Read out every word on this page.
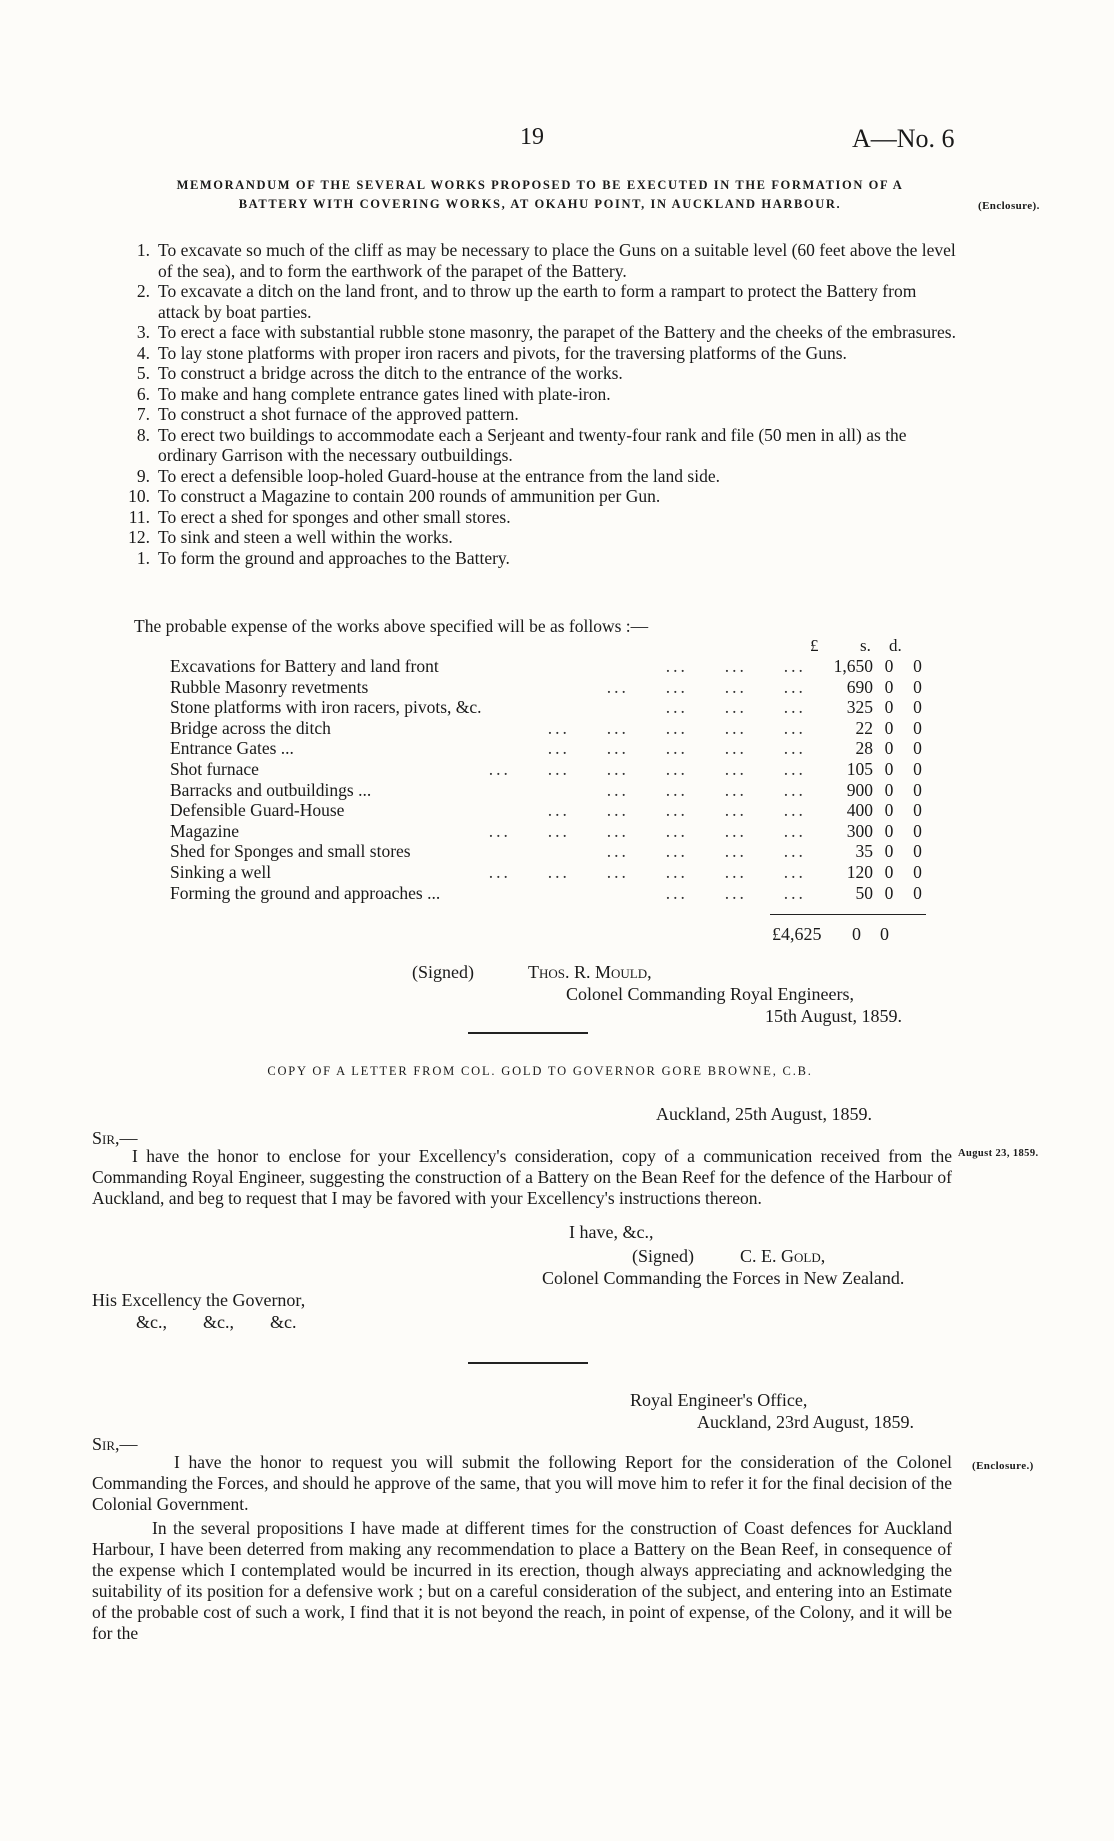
19	A—No. 6
MEMORANDUM OF THE SEVERAL WORKS PROPOSED TO BE EXECUTED IN THE FORMATION OF A
BATTERY WITH COVERING WORKS, AT OKAHU POINT, IN AUCKLAND HARBOUR.	(Enclosure).
1. To excavate so much of the cliff as may be necessary to place the Guns on a suitable level (60 feet above the level of the sea), and to form the earthwork of the parapet of the Battery.
2. To excavate a ditch on the land front, and to throw up the earth to form a rampart to protect the Battery from attack by boat parties.
3. To erect a face with substantial rubble stone masonry, the parapet of the Battery and the cheeks of the embrasures.
4. To lay stone platforms with proper iron racers and pivots, for the traversing platforms of the Guns.
5. To construct a bridge across the ditch to the entrance of the works.
6. To make and hang complete entrance gates lined with plate-iron.
7. To construct a shot furnace of the approved pattern.
8. To erect two buildings to accommodate each a Serjeant and twenty-four rank and file (50 men in all) as the ordinary Garrison with the necessary outbuildings.
9. To erect a defensible loop-holed Guard-house at the entrance from the land side.
10. To construct a Magazine to contain 200 rounds of ammunition per Gun.
11. To erect a shed for sponges and other small stores.
12. To sink and steen a well within the works.
1. To form the ground and approaches to the Battery.
The probable expense of the works above specified will be as follows :—
£ s. d.
Excavations for Battery and land front	...     ...     ...	1,650	0	0
Rubble Masonry revetments	...     ...     ...     ...	690	0	0
Stone platforms with iron racers, pivots, &c.	...     ...     ...	325	0	0
Bridge across the ditch	...     ...     ...     ...     ...	22	0	0
Entrance Gates ...	...     ...     ...     ...     ...	28	0	0
Shot furnace	...     ...     ...     ...     ...     ...	105	0	0
Barracks and outbuildings ...	...     ...     ...     ...	900	0	0
Defensible Guard-House	...     ...     ...     ...     ...	400	0	0
Magazine	...     ...     ...     ...     ...     ...	300	0	0
Shed for Sponges and small stores	...     ...     ...     ...	35	0	0
Sinking a well	...     ...     ...     ...     ...     ...	120	0	0
Forming the ground and approaches ...	...     ...     ...	50	0	0
£4,625 0 0
(Signed)	Thos. R. Mould,
Colonel Commanding Royal Engineers,
15th August, 1859.
COPY OF A LETTER FROM COL. GOLD TO GOVERNOR GORE BROWNE, C.B.
Auckland, 25th August, 1859.
Sir,—
August 23, 1859.
I have the honor to enclose for your Excellency's consideration, copy of a communication received from the Commanding Royal Engineer, suggesting the construction of a Battery on the Bean Reef for the defence of the Harbour of Auckland, and beg to request that I may be favored with your Excellency's instructions thereon.
I have, &c.,
(Signed)	C. E. Gold,
Colonel Commanding the Forces in New Zealand.
His Excellency the Governor,
&c.,        &c.,        &c.
Royal Engineer's Office,
Auckland, 23rd August, 1859.
Sir,—
(Enclosure.)
I have the honor to request you will submit the following Report for the consideration of the Colonel Commanding the Forces, and should he approve of the same, that you will move him to refer it for the final decision of the Colonial Government.
In the several propositions I have made at different times for the construction of Coast defences for Auckland Harbour, I have been deterred from making any recommendation to place a Battery on the Bean Reef, in consequence of the expense which I contemplated would be incurred in its erection, though always appreciating and acknowledging the suitability of its position for a defensive work ; but on a careful consideration of the subject, and entering into an Estimate of the probable cost of such a work, I find that it is not beyond the reach, in point of expense, of the Colony, and it will be for the
